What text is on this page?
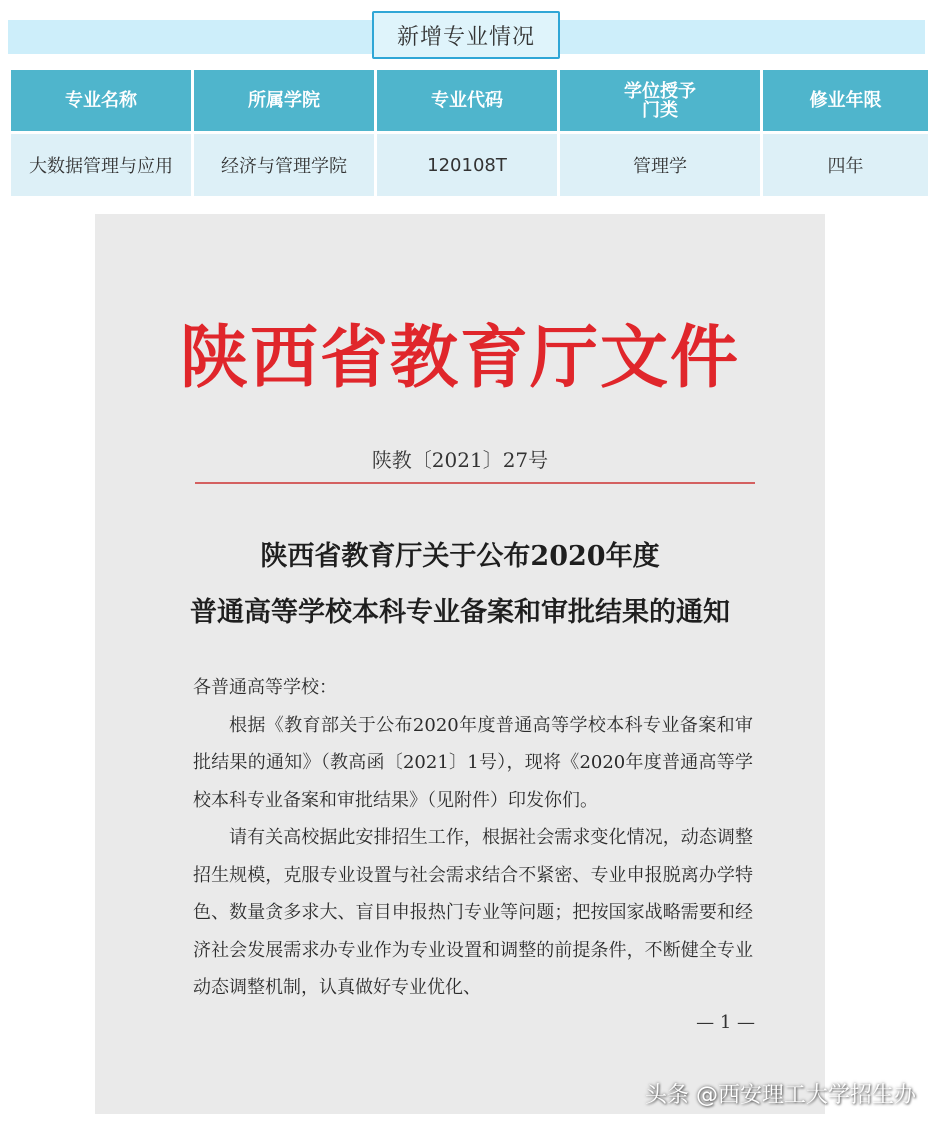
新增专业情况
专业名称	所属学院	专业代码	学位授予门类	修业年限
大数据管理与应用	经济与管理学院	120108T	管理学	四年
陕西省教育厅文件
陕教〔2021〕27号
陕西省教育厅关于公布2020年度
普通高等学校本科专业备案和审批结果的通知

各普通高等学校：

根据《教育部关于公布2020年度普通高等学校本科专业备案和审批结果的通知》（教高函〔2021〕1号），现将《2020年度普通高等学校本科专业备案和审批结果》（见附件）印发你们。

请有关高校据此安排招生工作，根据社会需求变化情况，动态调整招生规模，克服专业设置与社会需求结合不紧密、专业申报脱离办学特色、数量贪多求大、盲目申报热门专业等问题；把按国家战略需要和经济社会发展需求办专业作为专业设置和调整的前提条件，不断健全专业动态调整机制，认真做好专业优化、

— 1 —
头条 @西安理工大学招生办
